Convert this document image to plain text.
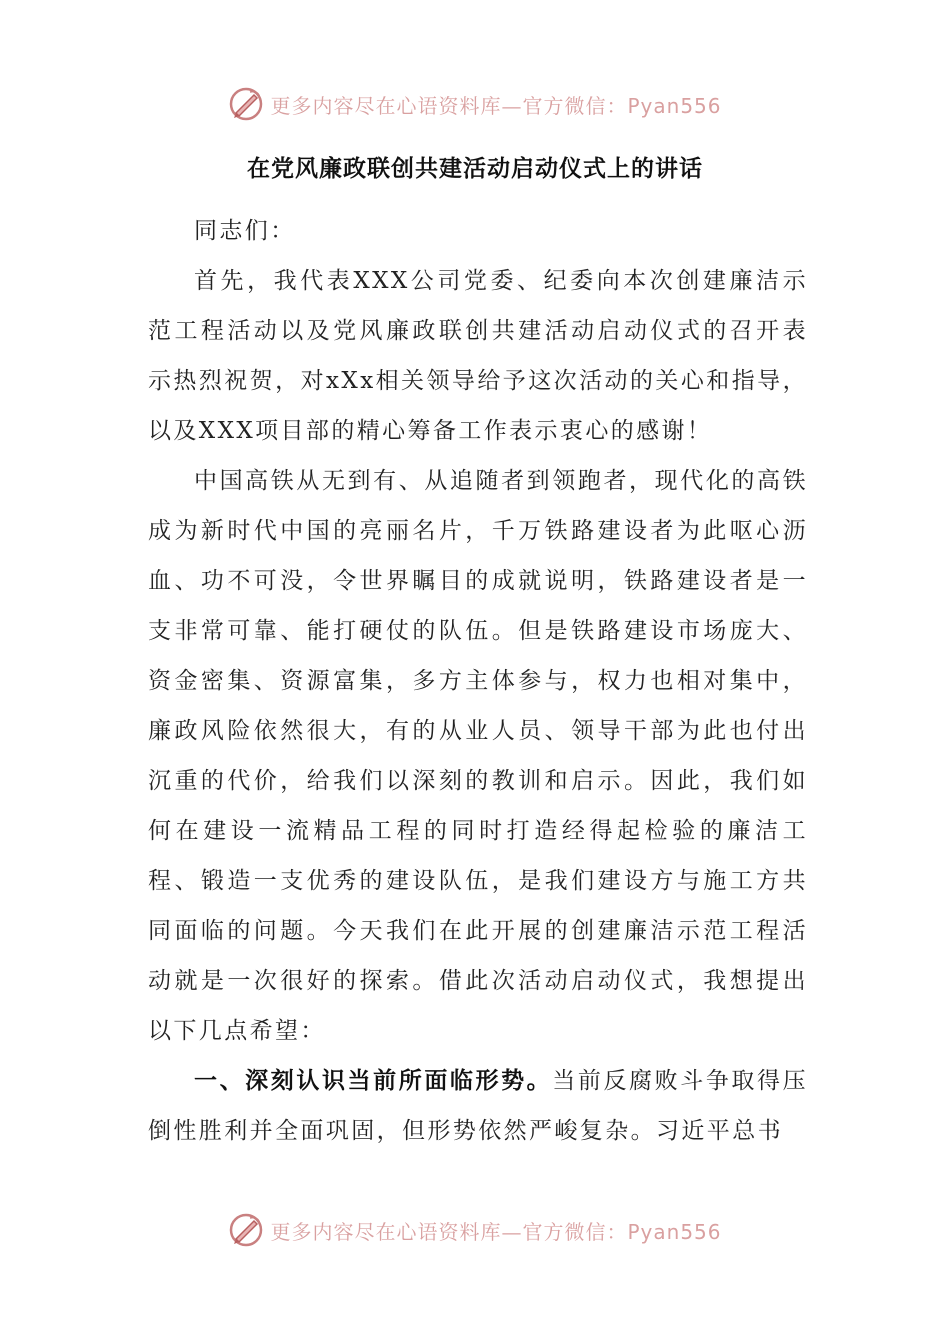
更多内容尽在心语资料库—官方微信：Pyan556
在党风廉政联创共建活动启动仪式上的讲话

同志们：

首先，我代表XXX公司党委、纪委向本次创建廉洁示范工程活动以及党风廉政联创共建活动启动仪式的召开表示热烈祝贺，对xXx相关领导给予这次活动的关心和指导，以及XXX项目部的精心筹备工作表示衷心的感谢！

中国高铁从无到有、从追随者到领跑者，现代化的高铁成为新时代中国的亮丽名片，千万铁路建设者为此呕心沥血、功不可没，令世界瞩目的成就说明，铁路建设者是一支非常可靠、能打硬仗的队伍。但是铁路建设市场庞大、资金密集、资源富集，多方主体参与，权力也相对集中，廉政风险依然很大，有的从业人员、领导干部为此也付出沉重的代价，给我们以深刻的教训和启示。因此，我们如何在建设一流精品工程的同时打造经得起检验的廉洁工程、锻造一支优秀的建设队伍，是我们建设方与施工方共同面临的问题。今天我们在此开展的创建廉洁示范工程活动就是一次很好的探索。借此次活动启动仪式，我想提出以下几点希望：

一、深刻认识当前所面临形势。当前反腐败斗争取得压倒性胜利并全面巩固，但形势依然严峻复杂。习近平总书

更多内容尽在心语资料库—官方微信：Pyan556
